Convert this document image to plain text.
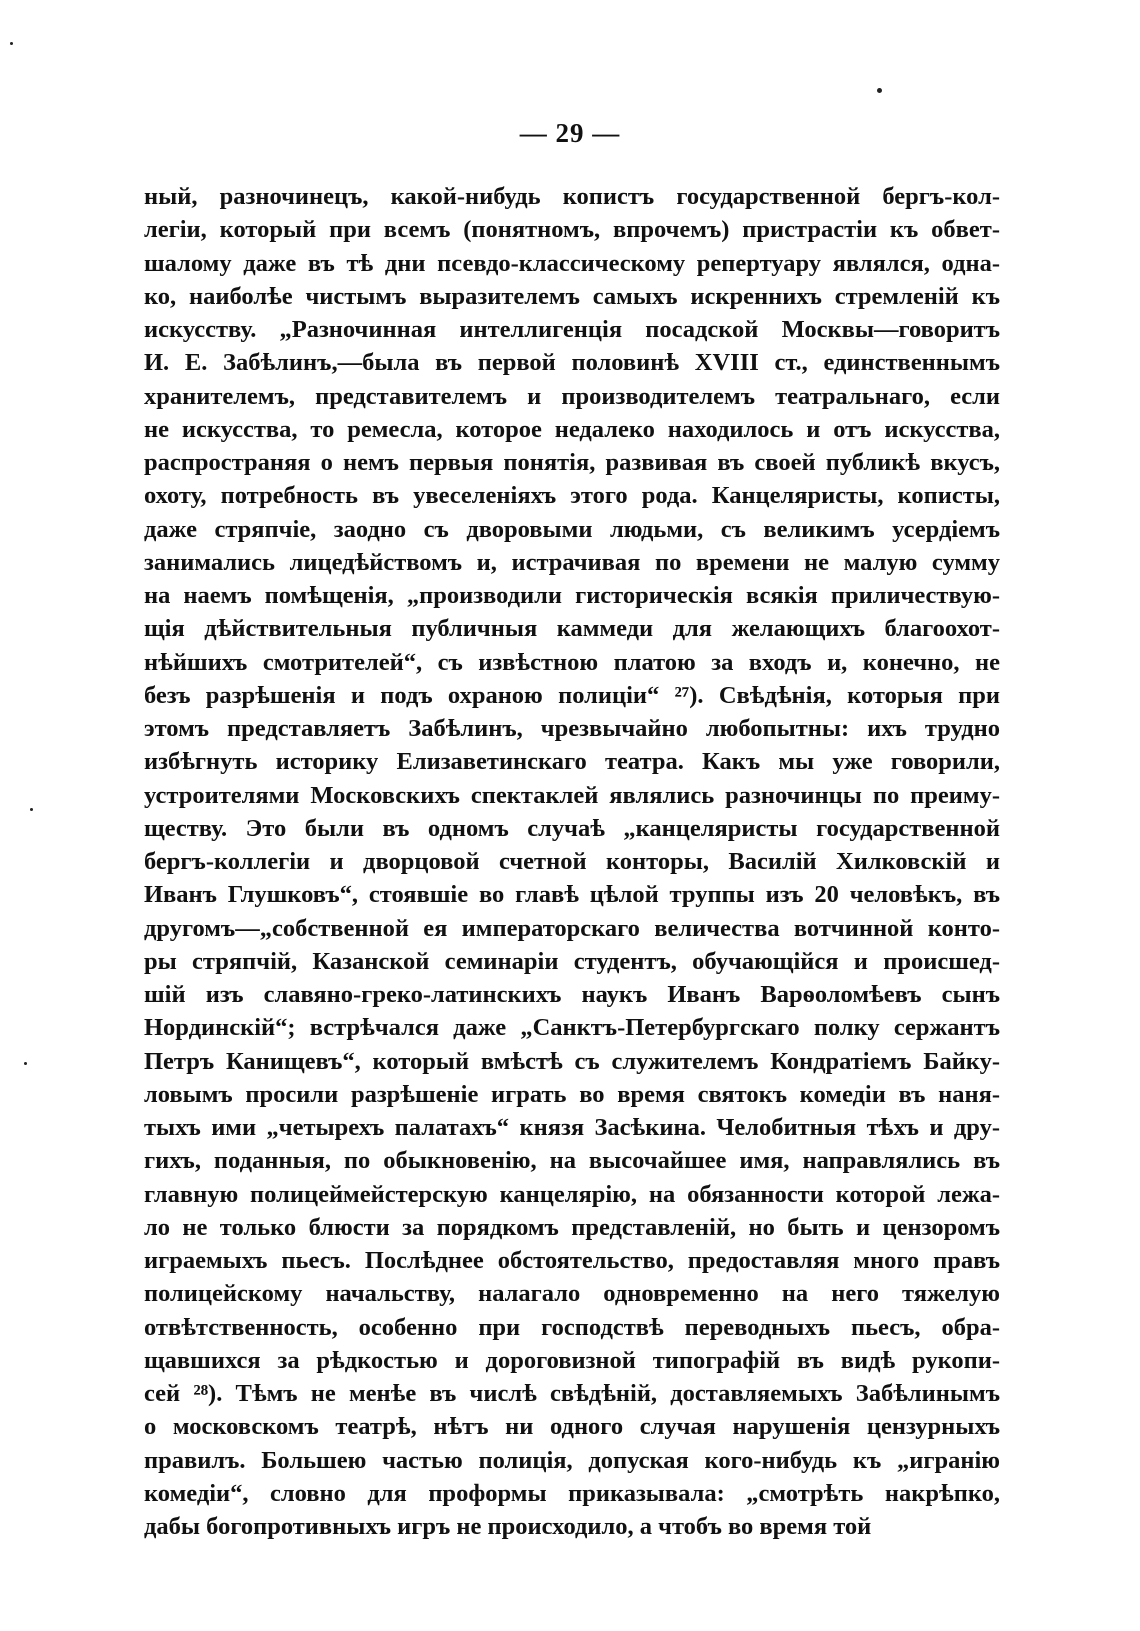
— 29 —
ный, разночинецъ, какой-нибудь копистъ государственной бергъ-кол-
легіи, который при всемъ (понятномъ, впрочемъ) пристрастіи къ обвет-
шалому даже въ тѣ дни псевдо-классическому репертуару являлся, одна-
ко, наиболѣе чистымъ выразителемъ самыхъ искреннихъ стремленій къ
искусству. „Разночинная интеллигенція посадской Москвы—говоритъ
И. Е. Забѣлинъ,—была въ первой половинѣ XVIII ст., единственнымъ
хранителемъ, представителемъ и производителемъ театральнаго, если
не искусства, то ремесла, которое недалеко находилось и отъ искусства,
распространяя о немъ первыя понятія, развивая въ своей публикѣ вкусъ,
охоту, потребность въ увеселеніяхъ этого рода. Канцеляристы, кописты,
даже стряпчіе, заодно съ дворовыми людьми, съ великимъ усердіемъ
занимались лицедѣйствомъ и, истрачивая по времени не малую сумму
на наемъ помѣщенія, „производили гисторическія всякія приличествую-
щія дѣйствительныя публичныя каммеди для желающихъ благоохот-
нѣйшихъ смотрителей“, съ извѣстною платою за входъ и, конечно, не
безъ разрѣшенія и подъ охраною полиціи“ ²⁷). Свѣдѣнія, которыя при
этомъ представляетъ Забѣлинъ, чрезвычайно любопытны: ихъ трудно
избѣгнуть историку Елизаветинскаго театра. Какъ мы уже говорили,
устроителями Московскихъ спектаклей являлись разночинцы по преиму-
ществу. Это были въ одномъ случаѣ „канцеляристы государственной
бергъ-коллегіи и дворцовой счетной конторы, Василій Хилковскій и
Иванъ Глушковъ“, стоявшіе во главѣ цѣлой труппы изъ 20 человѣкъ, въ
другомъ—„собственной ея императорскаго величества вотчинной конто-
ры стряпчій, Казанской семинаріи студентъ, обучающійся и происшед-
шій изъ славяно-греко-латинскихъ наукъ Иванъ Варѳоломѣевъ сынъ
Нординскій“; встрѣчался даже „Санктъ-Петербургскаго полку сержантъ
Петръ Канищевъ“, который вмѣстѣ съ служителемъ Кондратіемъ Байку-
ловымъ просили разрѣшеніе играть во время святокъ комедіи въ наня-
тыхъ ими „четырехъ палатахъ“ князя Засѣкина. Челобитныя тѣхъ и дру-
гихъ, поданныя, по обыкновенію, на высочайшее имя, направлялись въ
главную полицеймейстерскую канцелярію, на обязанности которой лежа-
ло не только блюсти за порядкомъ представленій, но быть и цензоромъ
играемыхъ пьесъ. Послѣднее обстоятельство, предоставляя много правъ
полицейскому начальству, налагало одновременно на него тяжелую
отвѣтственность, особенно при господствѣ переводныхъ пьесъ, обра-
щавшихся за рѣдкостью и дороговизной типографій въ видѣ рукопи-
сей ²⁸). Тѣмъ не менѣе въ числѣ свѣдѣній, доставляемыхъ Забѣлинымъ
о московскомъ театрѣ, нѣтъ ни одного случая нарушенія цензурныхъ
правилъ. Большею частью полиція, допуская кого-нибудь къ „игранію
комедіи“, словно для проформы приказывала: „смотрѣть накрѣпко,
дабы богопротивныхъ игръ не происходило, а чтобъ во время той
